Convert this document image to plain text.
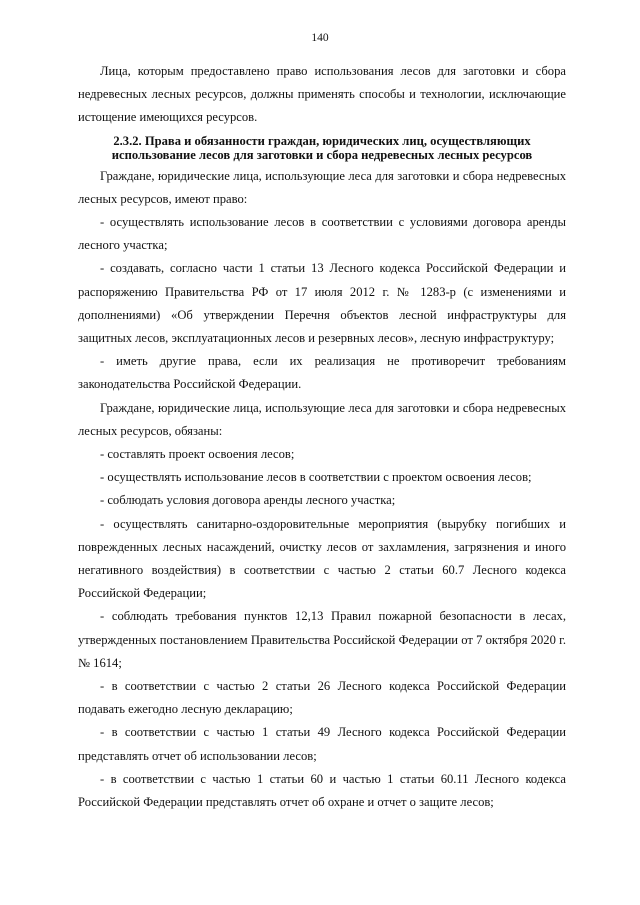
140

Лица, которым предоставлено право использования лесов для заготовки и сбора недревесных лесных ресурсов, должны применять способы и технологии, исключающие истощение имеющихся ресурсов.

2.3.2. Права и обязанности граждан, юридических лиц, осуществляющих использование лесов для заготовки и сбора недревесных лесных ресурсов

Граждане, юридические лица, использующие леса для заготовки и сбора недревесных лесных ресурсов, имеют право:

- осуществлять использование лесов в соответствии с условиями договора аренды лесного участка;

- создавать, согласно части 1 статьи 13 Лесного кодекса Российской Федерации и распоряжению Правительства РФ от 17 июля 2012 г. № 1283-р (с изменениями и дополнениями) «Об утверждении Перечня объектов лесной инфраструктуры для защитных лесов, эксплуатационных лесов и резервных лесов», лесную инфраструктуру;

- иметь другие права, если их реализация не противоречит требованиям законодательства Российской Федерации.

Граждане, юридические лица, использующие леса для заготовки и сбора недревесных лесных ресурсов, обязаны:

- составлять проект освоения лесов;

- осуществлять использование лесов в соответствии с проектом освоения лесов;

- соблюдать условия договора аренды лесного участка;

- осуществлять санитарно-оздоровительные мероприятия (вырубку погибших и поврежденных лесных насаждений, очистку лесов от захламления, загрязнения и иного негативного воздействия) в соответствии с частью 2 статьи 60.7 Лесного кодекса Российской Федерации;

- соблюдать требования пунктов 12,13 Правил пожарной безопасности в лесах, утвержденных постановлением Правительства Российской Федерации от 7 октября 2020 г. № 1614;

- в соответствии с частью 2 статьи 26 Лесного кодекса Российской Федерации подавать ежегодно лесную декларацию;

- в соответствии с частью 1 статьи 49 Лесного кодекса Российской Федерации представлять отчет об использовании лесов;

- в соответствии с частью 1 статьи 60 и частью 1 статьи 60.11 Лесного кодекса Российской Федерации представлять отчет об охране и отчет о защите лесов;
